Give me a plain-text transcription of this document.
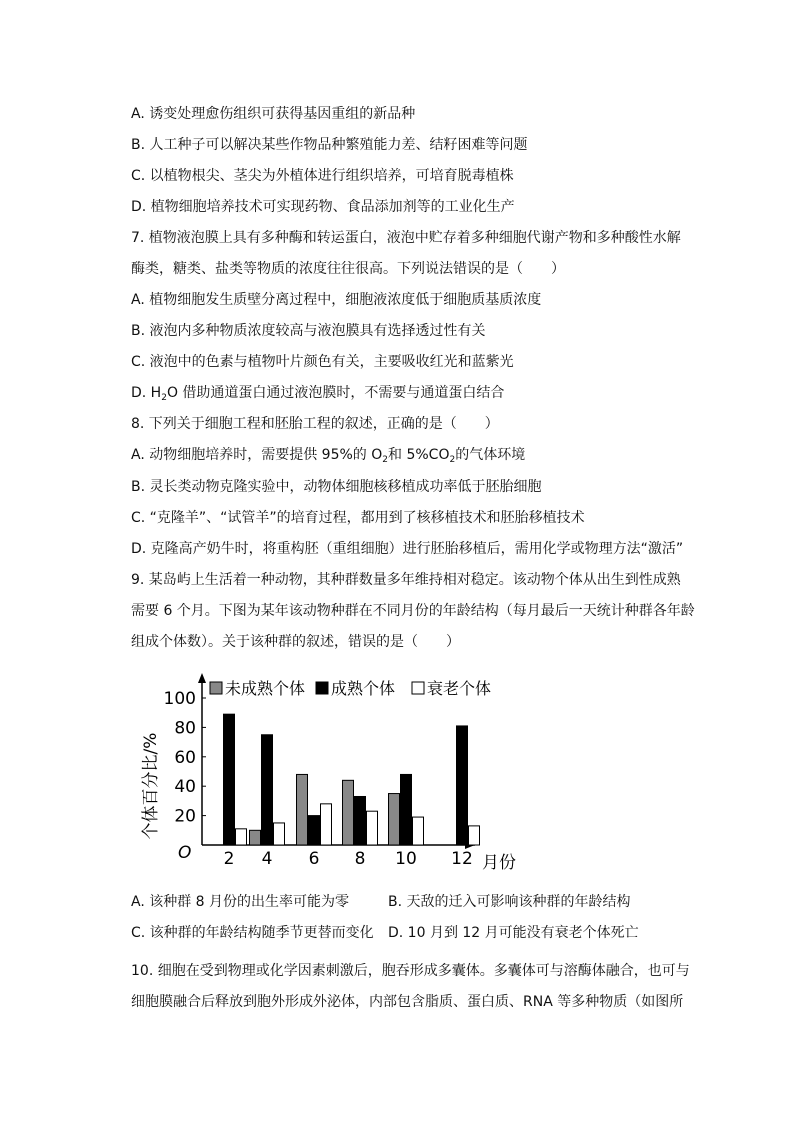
A. 诱变处理愈伤组织可获得基因重组的新品种
B. 人工种子可以解决某些作物品种繁殖能力差、结籽困难等问题
C. 以植物根尖、茎尖为外植体进行组织培养，可培育脱毒植株
D. 植物细胞培养技术可实现药物、食品添加剂等的工业化生产
7. 植物液泡膜上具有多种酶和转运蛋白，液泡中贮存着多种细胞代谢产物和多种酸性水解
酶类，糖类、盐类等物质的浓度往往很高。下列说法错误的是（　　）
A. 植物细胞发生质壁分离过程中，细胞液浓度低于细胞质基质浓度
B. 液泡内多种物质浓度较高与液泡膜具有选择透过性有关
C. 液泡中的色素与植物叶片颜色有关，主要吸收红光和蓝紫光
D. $H_2O$ 借助通道蛋白通过液泡膜时，不需要与通道蛋白结合
8. 下列关于细胞工程和胚胎工程的叙述，正确的是（　　）
A. 动物细胞培养时，需要提供 95%的 $O_2$和 $5\%CO_2$的气体环境
B. 灵长类动物克隆实验中，动物体细胞核移植成功率低于胚胎细胞
C. “克隆羊”、“试管羊”的培育过程，都用到了核移植技术和胚胎移植技术
D. 克隆高产奶牛时，将重构胚（重组细胞）进行胚胎移植后，需用化学或物理方法“激活”
9. 某岛屿上生活着一种动物，其种群数量多年维持相对稳定。该动物个体从出生到性成熟
需要 6 个月。下图为某年该动物种群在不同月份的年龄结构（每月最后一天统计种群各年龄
组成个体数）。关于该种群的叙述，错误的是（　　）
个体百分比/%
O
20
40
60
80
100
2 4 6 8 10 12
未成熟个体 成熟个体 衰老个体
月份
A. 该种群 8 月份的出生率可能为零	B. 天敌的迁入可影响该种群的年龄结构
C. 该种群的年龄结构随季节更替而变化 D. 10 月到 12 月可能没有衰老个体死亡
10. 细胞在受到物理或化学因素刺激后，胞吞形成多囊体。多囊体可与溶酶体融合，也可与
细胞膜融合后释放到胞外形成外泌体，内部包含脂质、蛋白质、RNA 等多种物质（如图所
